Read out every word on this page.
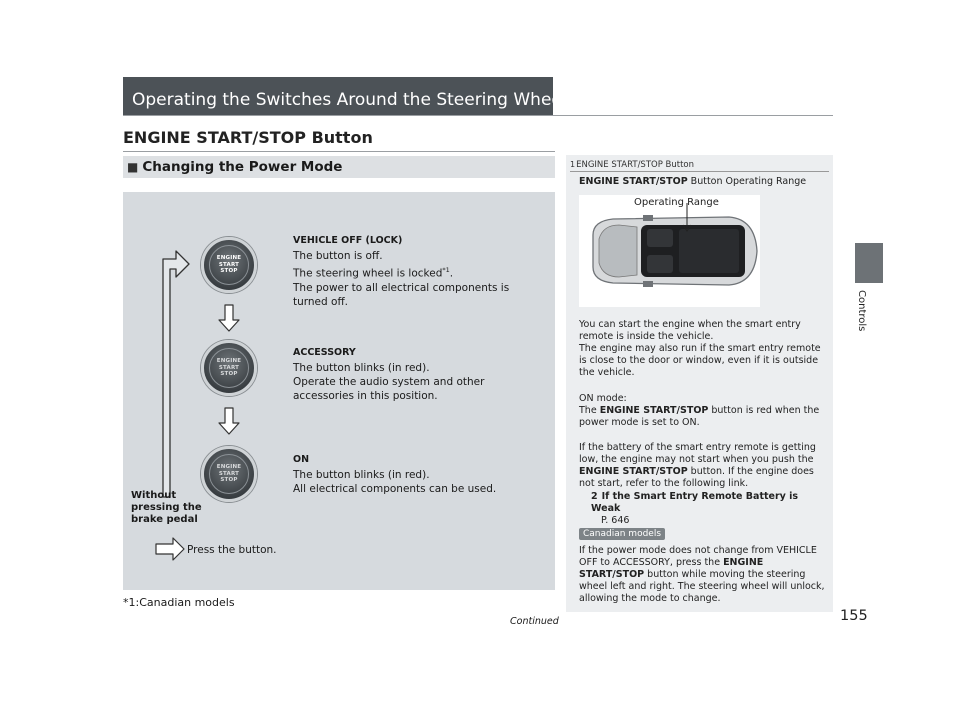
Operating the Switches Around the Steering Wheel
ENGINE START/STOP Button
■ Changing the Power Mode
ENGINE
START
STOP
ENGINE
START
STOP
ENGINE
START
STOP
VEHICLE OFF (LOCK)
The button is off.
The steering wheel is locked$^{*1}$.
The power to all electrical components is turned off.
ACCESSORY
The button blinks (in red).
Operate the audio system and other accessories in this position.
ON
The button blinks (in red).
All electrical components can be used.
Without
pressing the
brake pedal
Press the button.
*1:Canadian models
Continued
1ENGINE START/STOP Button
ENGINE START/STOP Button Operating Range
Operating Range
You can start the engine when the smart entry remote is inside the vehicle.
The engine may also run if the smart entry remote is close to the door or window, even if it is outside the vehicle.
ON mode:
The ENGINE START/STOP button is red when the power mode is set to ON.
If the battery of the smart entry remote is getting low, the engine may not start when you push the ENGINE START/STOP button. If the engine does not start, refer to the following link.
2 If the Smart Entry Remote Battery is Weak
P. 646
Canadian models
If the power mode does not change from VEHICLE OFF to ACCESSORY, press the ENGINE START/STOP button while moving the steering wheel left and right. The steering wheel will unlock, allowing the mode to change.
Controls
155
